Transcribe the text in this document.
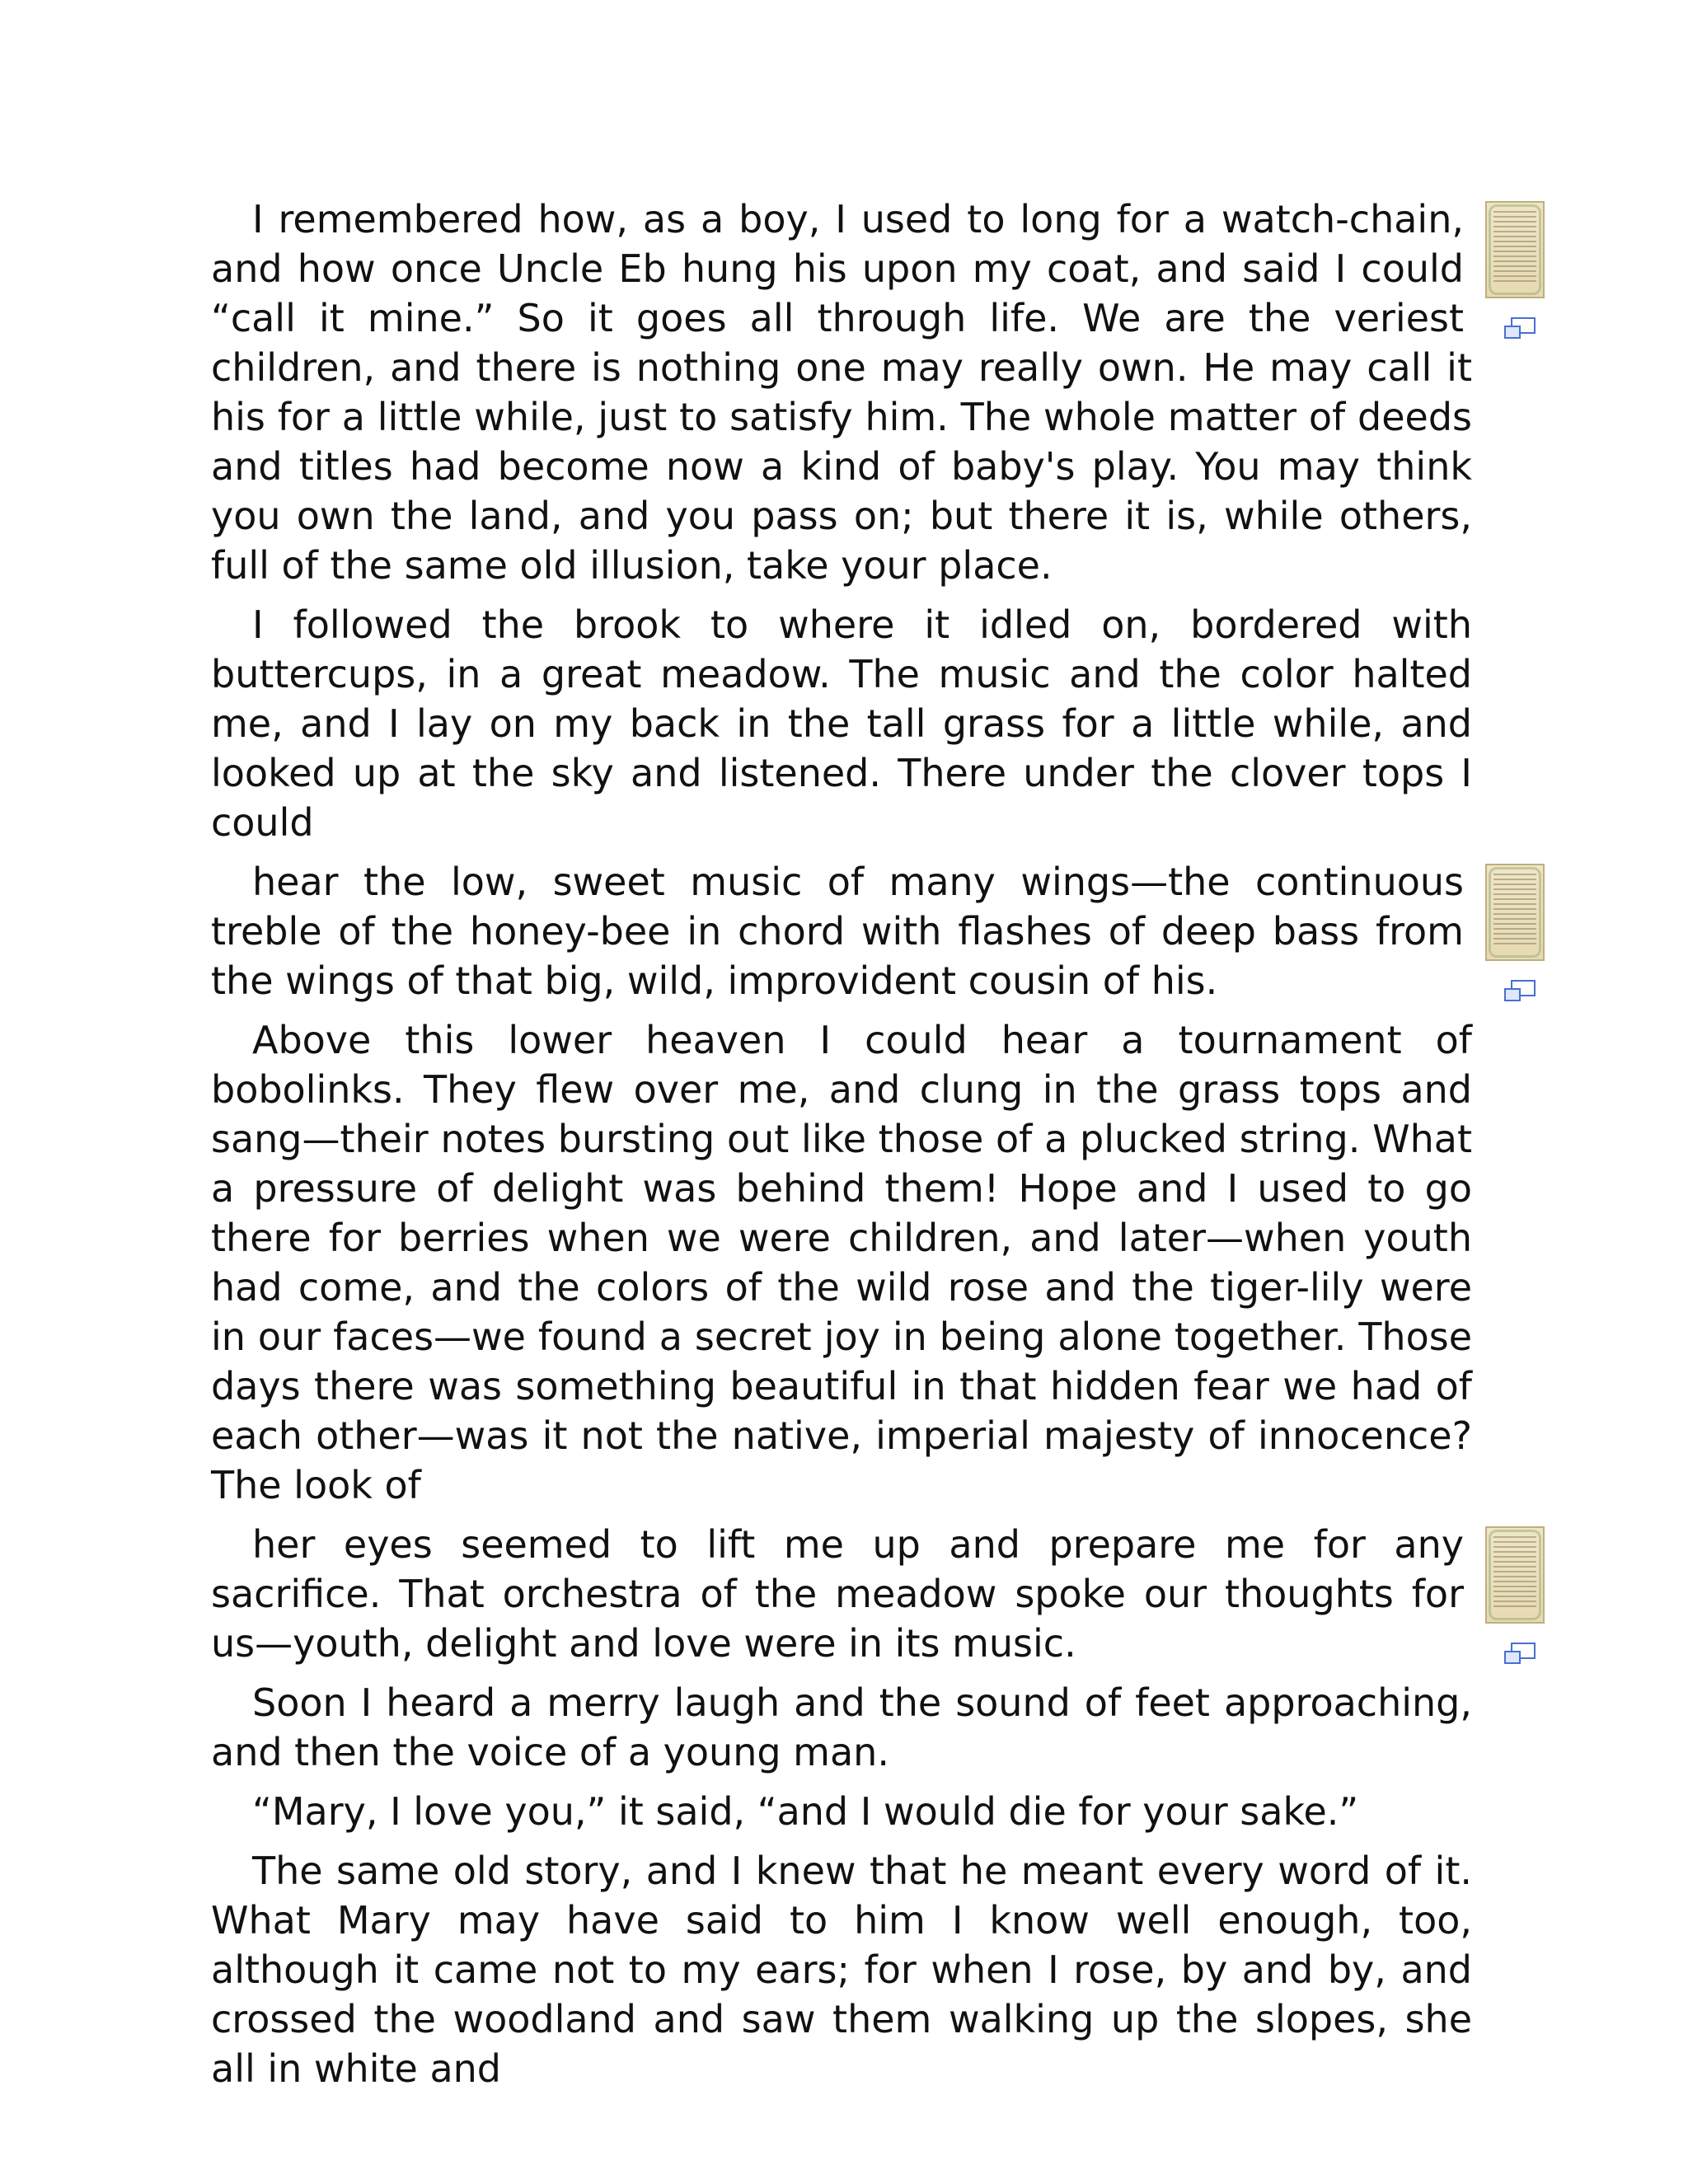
I remembered how, as a boy, I used to long for a watch-chain, and how once Uncle Eb hung his upon my coat, and said I could “call it mine.” So it goes all through life. We are the veriest children, and there is nothing one may really own. He may call it his for a little while, just to satisfy him. The whole matter of deeds and titles had become now a kind of baby's play. You may think you own the land, and you pass on; but there it is, while others, full of the same old illusion, take your place.

I followed the brook to where it idled on, bordered with buttercups, in a great meadow. The music and the color halted me, and I lay on my back in the tall grass for a little while, and looked up at the sky and listened. There under the clover tops I could

hear the low, sweet music of many wings—the continuous treble of the honey-bee in chord with flashes of deep bass from the wings of that big, wild, improvident cousin of his.

Above this lower heaven I could hear a tournament of bobolinks. They flew over me, and clung in the grass tops and sang—their notes bursting out like those of a plucked string. What a pressure of delight was behind them! Hope and I used to go there for berries when we were children, and later—when youth had come, and the colors of the wild rose and the tiger-lily were in our faces—we found a secret joy in being alone together. Those days there was something beautiful in that hidden fear we had of each other—was it not the native, imperial majesty of innocence? The look of

her eyes seemed to lift me up and prepare me for any sacrifice. That orchestra of the meadow spoke our thoughts for us—youth, delight and love were in its music.

Soon I heard a merry laugh and the sound of feet approaching, and then the voice of a young man.

“Mary, I love you,” it said, “and I would die for your sake.”

The same old story, and I knew that he meant every word of it. What Mary may have said to him I know well enough, too, although it came not to my ears; for when I rose, by and by, and crossed the woodland and saw them walking up the slopes, she all in white and
